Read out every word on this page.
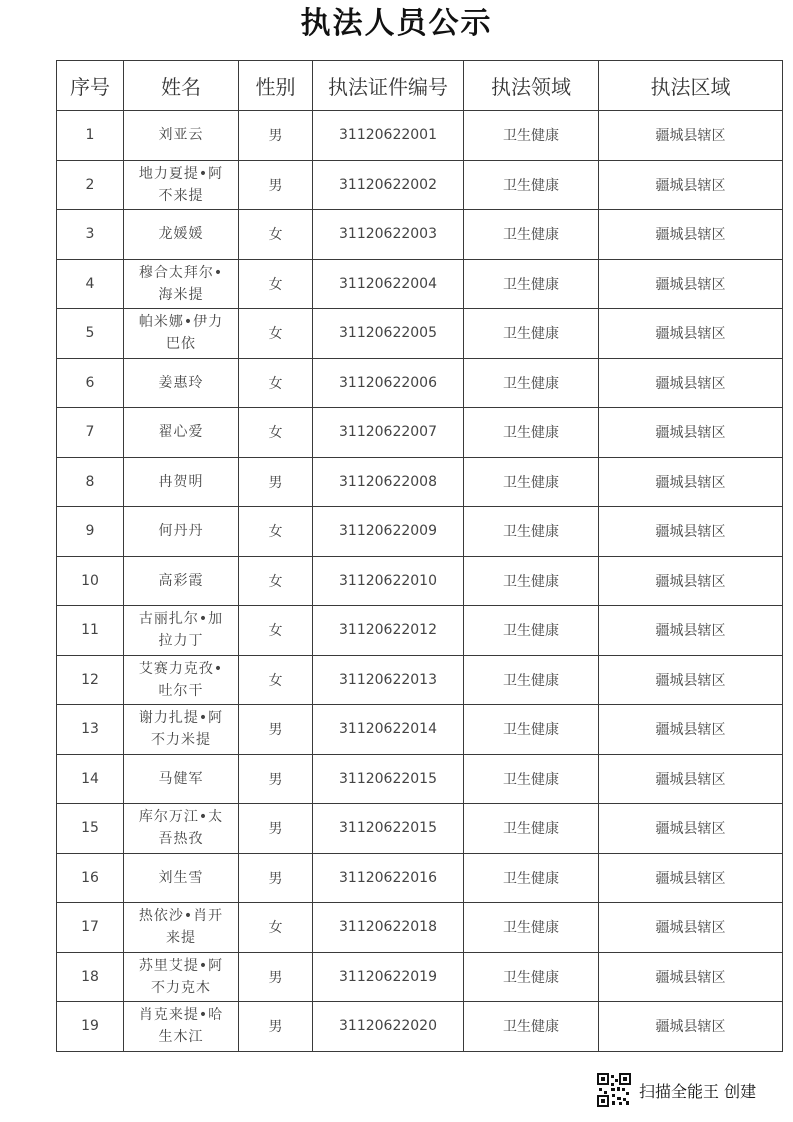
执法人员公示
序号	姓名	性别	执法证件编号	执法领域	执法区域
1	刘亚云	男	31120622001	卫生健康	疆城县辖区
2	地力夏提•阿不来提	男	31120622002	卫生健康	疆城县辖区
3	龙媛媛	女	31120622003	卫生健康	疆城县辖区
4	穆合太拜尔•海米提	女	31120622004	卫生健康	疆城县辖区
5	帕米娜•伊力巴依	女	31120622005	卫生健康	疆城县辖区
6	姜惠玲	女	31120622006	卫生健康	疆城县辖区
7	翟心爱	女	31120622007	卫生健康	疆城县辖区
8	冉贺明	男	31120622008	卫生健康	疆城县辖区
9	何丹丹	女	31120622009	卫生健康	疆城县辖区
10	高彩霞	女	31120622010	卫生健康	疆城县辖区
11	古丽扎尔•加拉力丁	女	31120622012	卫生健康	疆城县辖区
12	艾赛力克孜•吐尔干	女	31120622013	卫生健康	疆城县辖区
13	谢力扎提•阿不力米提	男	31120622014	卫生健康	疆城县辖区
14	马健军	男	31120622015	卫生健康	疆城县辖区
15	库尔万江•太吾热孜	男	31120622015	卫生健康	疆城县辖区
16	刘生雪	男	31120622016	卫生健康	疆城县辖区
17	热依沙•肖开来提	女	31120622018	卫生健康	疆城县辖区
18	苏里艾提•阿不力克木	男	31120622019	卫生健康	疆城县辖区
19	肖克来提•哈生木江	男	31120622020	卫生健康	疆城县辖区
扫描全能王 创建
